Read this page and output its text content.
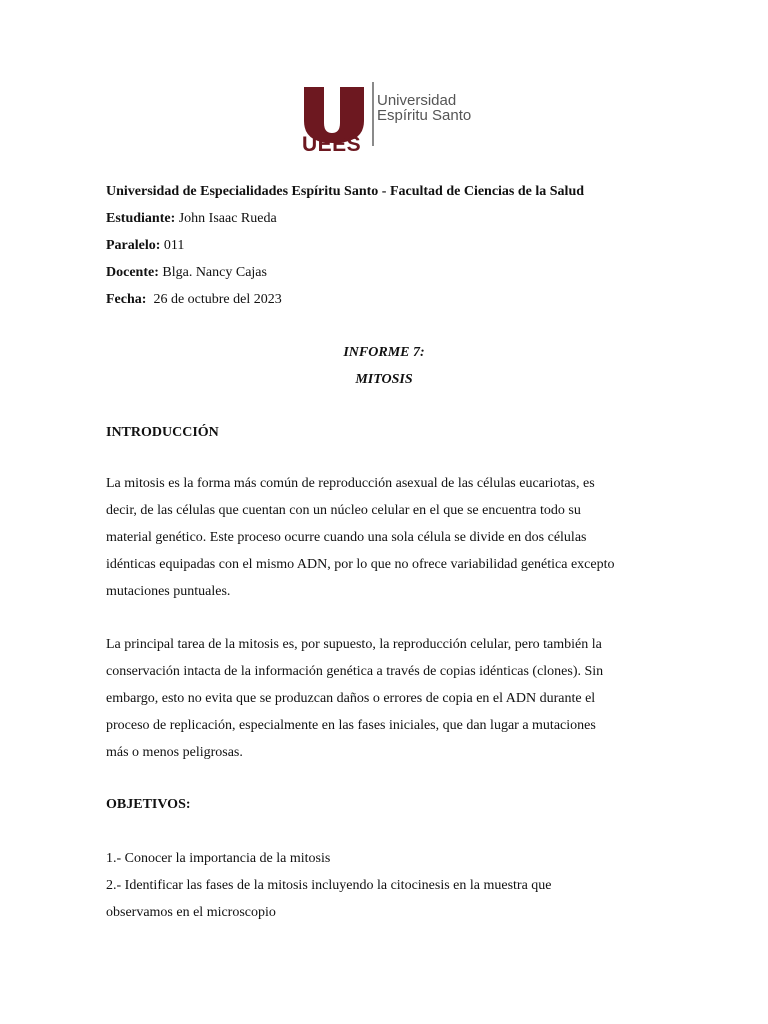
UEES
Universidad
Espíritu Santo
Universidad de Especialidades Espíritu Santo - Facultad de Ciencias de la Salud
Estudiante: John Isaac Rueda
Paralelo: 011
Docente: Blga. Nancy Cajas
Fecha:  26 de octubre del 2023
INFORME 7:
MITOSIS
INTRODUCCIÓN
La mitosis es la forma más común de reproducción asexual de las células eucariotas, es
decir, de las células que cuentan con un núcleo celular en el que se encuentra todo su
material genético. Este proceso ocurre cuando una sola célula se divide en dos células
idénticas equipadas con el mismo ADN, por lo que no ofrece variabilidad genética excepto
mutaciones puntuales.
La principal tarea de la mitosis es, por supuesto, la reproducción celular, pero también la
conservación intacta de la información genética a través de copias idénticas (clones). Sin
embargo, esto no evita que se produzcan daños o errores de copia en el ADN durante el
proceso de replicación, especialmente en las fases iniciales, que dan lugar a mutaciones
más o menos peligrosas.
OBJETIVOS:
1.- Conocer la importancia de la mitosis
2.- Identificar las fases de la mitosis incluyendo la citocinesis en la muestra que
observamos en el microscopio
